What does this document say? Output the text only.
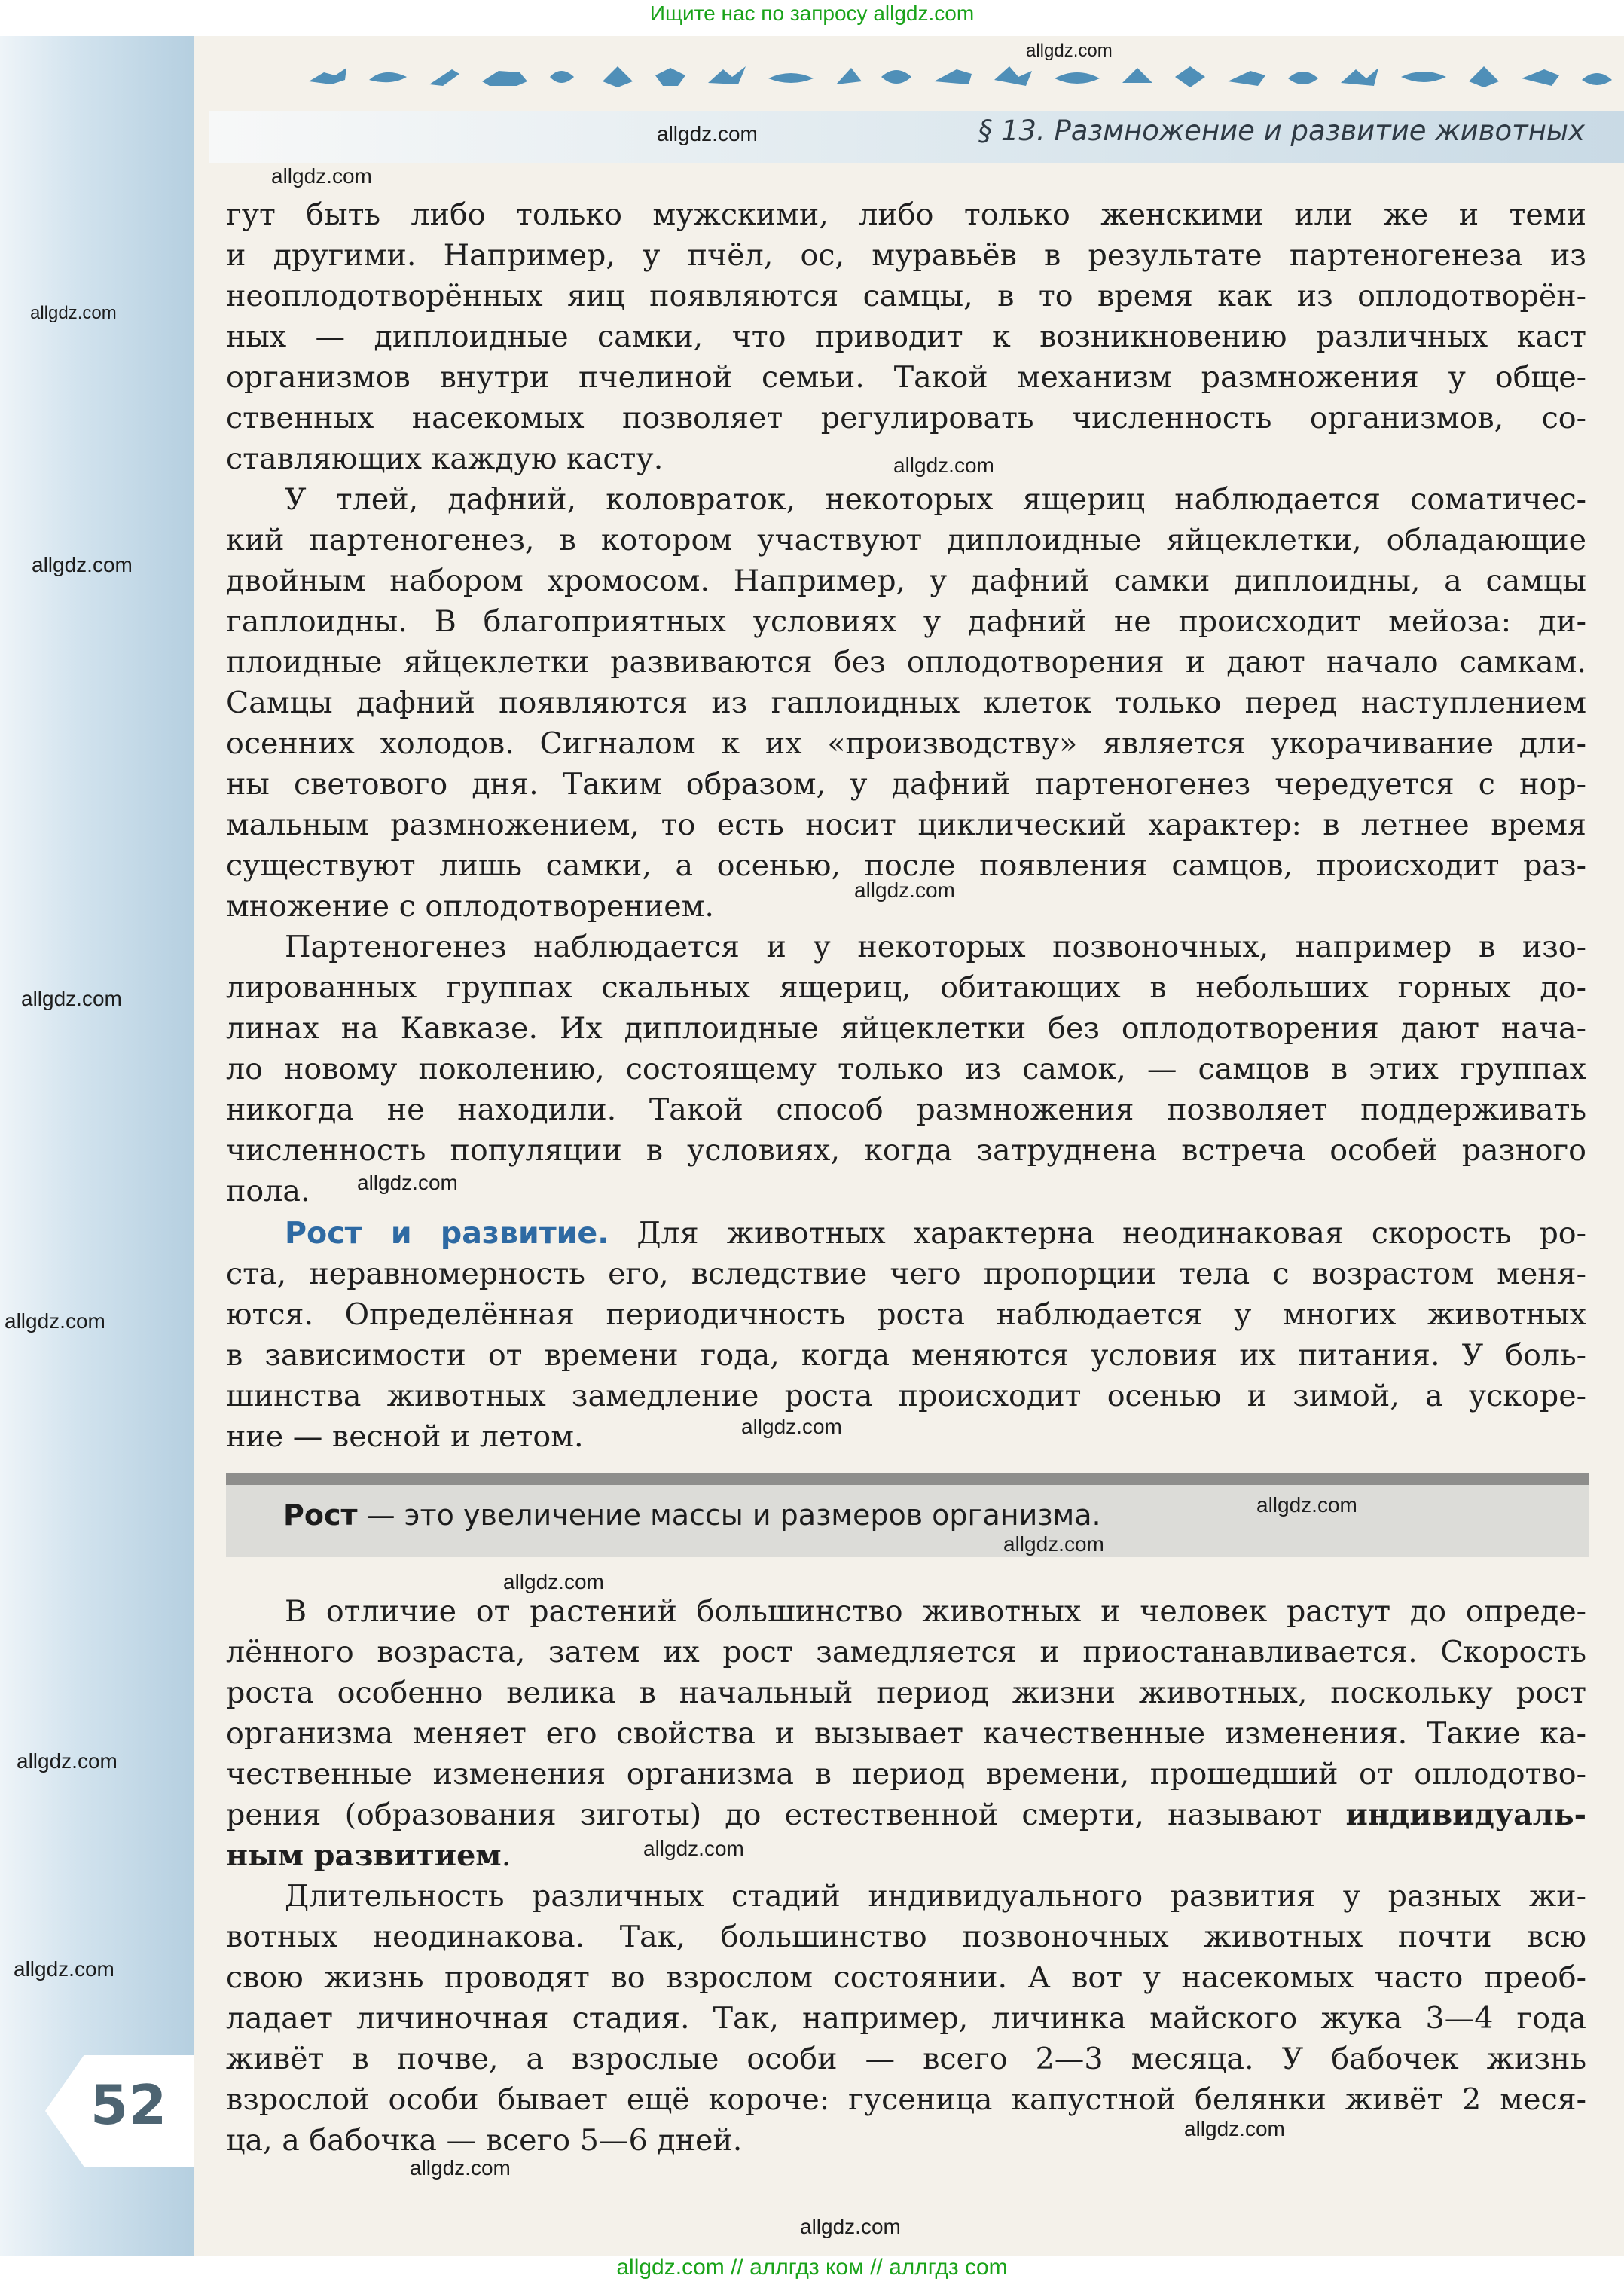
Ищите нас по запросу allgdz.com
§ 13. Размножение и развитие животных

гут быть либо только мужскими, либо только женскими или же и теми

и другими. Например, у пчёл, ос, муравьёв в результате партеногенеза из

неоплодотворённых яиц появляются самцы, в то время как из оплодотворён-

ных — диплоидные самки, что приводит к возникновению различных каст

организмов внутри пчелиной семьи. Такой механизм размножения у обще-

ственных насекомых позволяет регулировать численность организмов, со-

ставляющих каждую касту.

У тлей, дафний, коловраток, некоторых ящериц наблюдается соматичес-

кий партеногенез, в котором участвуют диплоидные яйцеклетки, обладающие

двойным набором хромосом. Например, у дафний самки диплоидны, а самцы

гаплоидны. В благоприятных условиях у дафний не происходит мейоза: ди-

плоидные яйцеклетки развиваются без оплодотворения и дают начало самкам.

Самцы дафний появляются из гаплоидных клеток только перед наступлением

осенних холодов. Сигналом к их «производству» является укорачивание дли-

ны светового дня. Таким образом, у дафний партеногенез чередуется с нор-

мальным размножением, то есть носит циклический характер: в летнее время

существуют лишь самки, а осенью, после появления самцов, происходит раз-

множение с оплодотворением.

Партеногенез наблюдается и у некоторых позвоночных, например в изо-

лированных группах скальных ящериц, обитающих в небольших горных до-

линах на Кавказе. Их диплоидные яйцеклетки без оплодотворения дают нача-

ло новому поколению, состоящему только из самок, — самцов в этих группах

никогда не находили. Такой способ размножения позволяет поддерживать

численность популяции в условиях, когда затруднена встреча особей разного

пола.

Рост и развитие. Для животных характерна неодинаковая скорость ро-

ста, неравномерность его, вследствие чего пропорции тела с возрастом меня-

ются. Определённая периодичность роста наблюдается у многих животных

в зависимости от времени года, когда меняются условия их питания. У боль-

шинства животных замедление роста происходит осенью и зимой, а ускоре-

ние — весной и летом.

Рост — это увеличение массы и размеров организма.

В отличие от растений большинство животных и человек растут до опреде-

лённого возраста, затем их рост замедляется и приостанавливается. Скорость

роста особенно велика в начальный период жизни животных, поскольку рост

организма меняет его свойства и вызывает качественные изменения. Такие ка-

чественные изменения организма в период времени, прошедший от оплодотво-

рения (образования зиготы) до естественной смерти, называют индивидуаль-

ным развитием.

Длительность различных стадий индивидуального развития у разных жи-

вотных неодинакова. Так, большинство позвоночных животных почти всю

свою жизнь проводят во взрослом состоянии. А вот у насекомых часто преоб-

ладает личиночная стадия. Так, например, личинка майского жука 3—4 года

живёт в почве, а взрослые особи — всего 2—3 месяца. У бабочек жизнь

взрослой особи бывает ещё короче: гусеница капустной белянки живёт 2 меся-

ца, а бабочка — всего 5—6 дней.

52
allgdz.com
allgdz.com
allgdz.com
allgdz.com
allgdz.com
allgdz.com
allgdz.com
allgdz.com
allgdz.com
allgdz.com
allgdz.com
allgdz.com
allgdz.com
allgdz.com
allgdz.com
allgdz.com
allgdz.com
allgdz.com
allgdz.com
allgdz.com
allgdz.com // аллгдз ком // аллгдз com
